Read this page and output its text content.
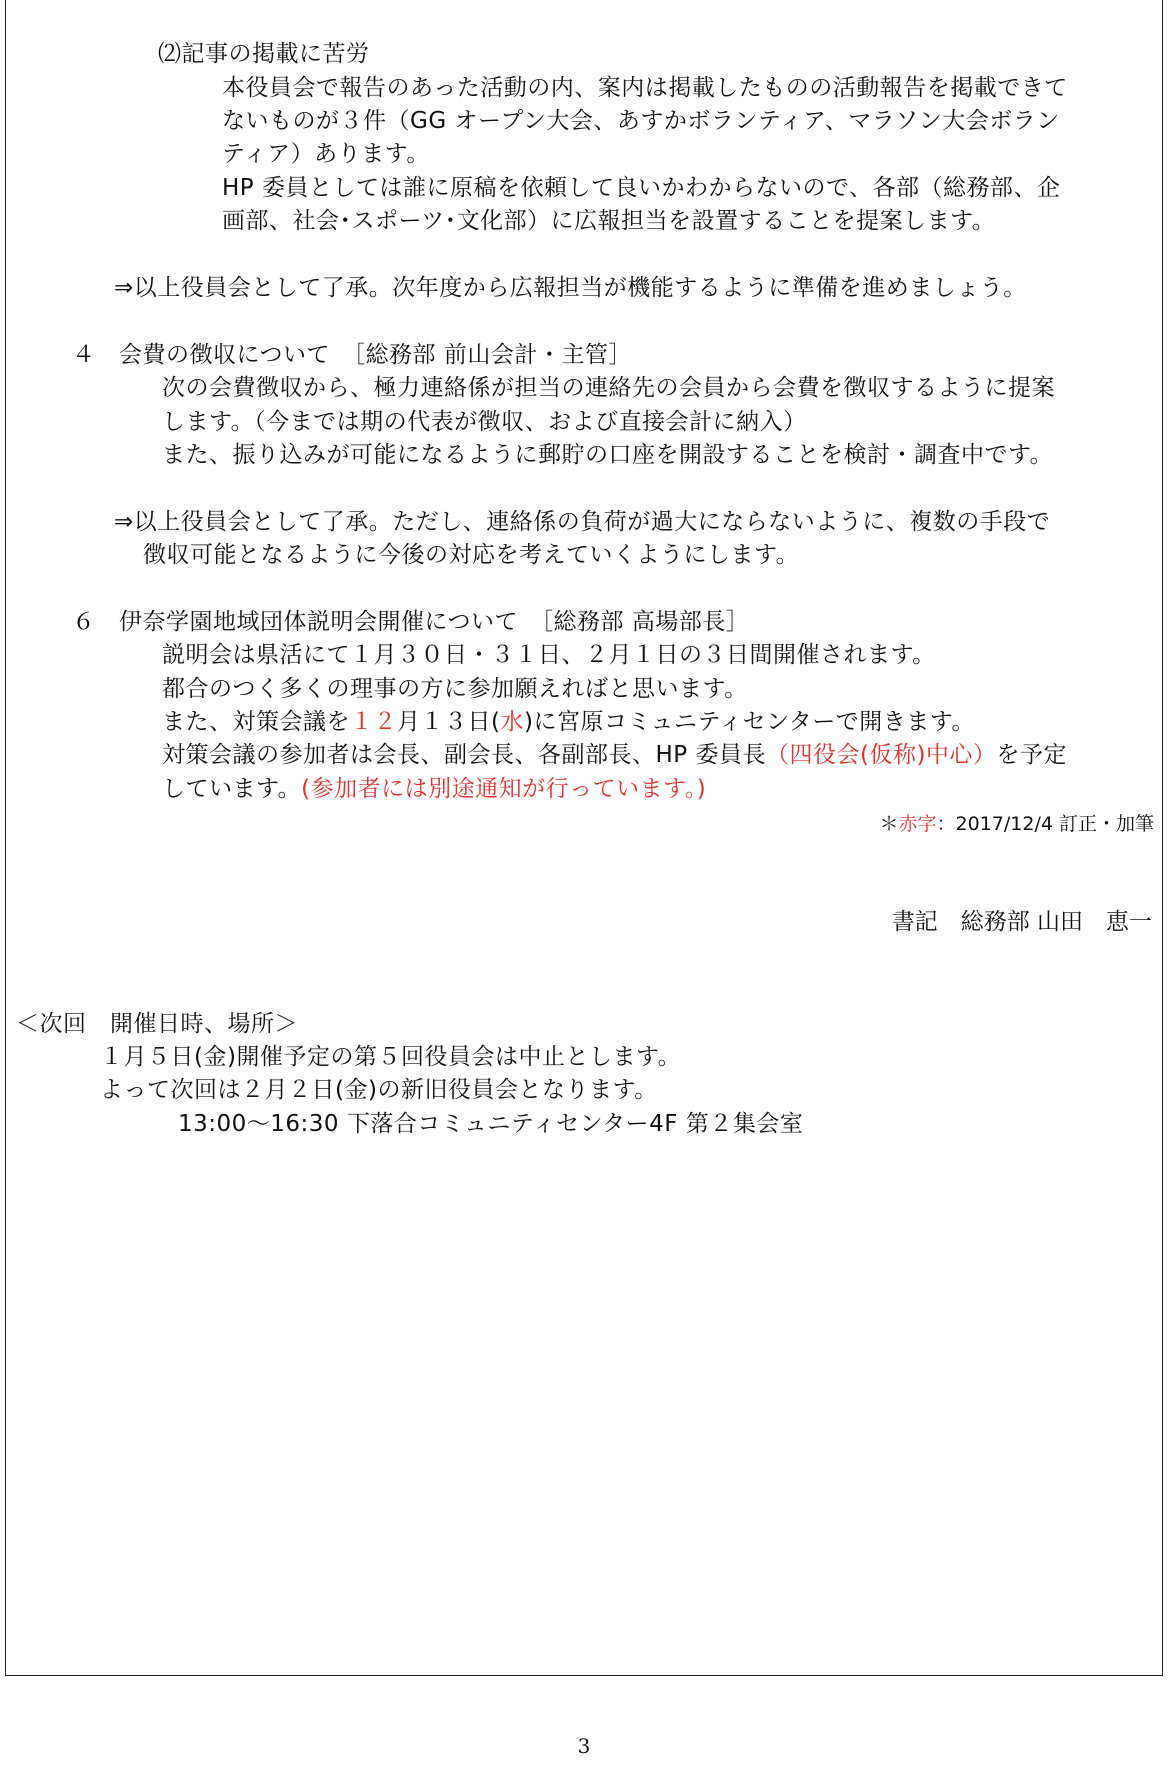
⑵記事の掲載に苦労
本役員会で報告のあった活動の内、案内は掲載したものの活動報告を掲載できて
ないものが３件（GG オープン大会、あすかボランティア、マラソン大会ボラン
ティア）あります。
HP 委員としては誰に原稿を依頼して良いかわからないので、各部（総務部、企
画部、社会･スポーツ･文化部）に広報担当を設置することを提案します。
⇒以上役員会として了承。次年度から広報担当が機能するように準備を進めましょう。
４　会費の徴収について　［総務部 前山会計・主管］
次の会費徴収から、極力連絡係が担当の連絡先の会員から会費を徴収するように提案
します。（今までは期の代表が徴収、および直接会計に納入）
また、振り込みが可能になるように郵貯の口座を開設することを検討・調査中です。
⇒以上役員会として了承。ただし、連絡係の負荷が過大にならないように、複数の手段で
徴収可能となるように今後の対応を考えていくようにします。
６　伊奈学園地域団体説明会開催について　［総務部 高場部長］
説明会は県活にて１月３０日・３１日、２月１日の３日間開催されます。
都合のつく多くの理事の方に参加願えればと思います。
また、対策会議を１２月１３日(水)に宮原コミュニティセンターで開きます。
対策会議の参加者は会長、副会長、各副部長、HP 委員長（四役会(仮称)中心）を予定
しています。(参加者には別途通知が行っています。)
＊赤字：2017/12/4 訂正・加筆
書記　総務部 山田　恵一
＜次回　開催日時、場所＞
１月５日(金)開催予定の第５回役員会は中止とします。
よって次回は２月２日(金)の新旧役員会となります。
13:00～16:30 下落合コミュニティセンター4F 第２集会室
3
